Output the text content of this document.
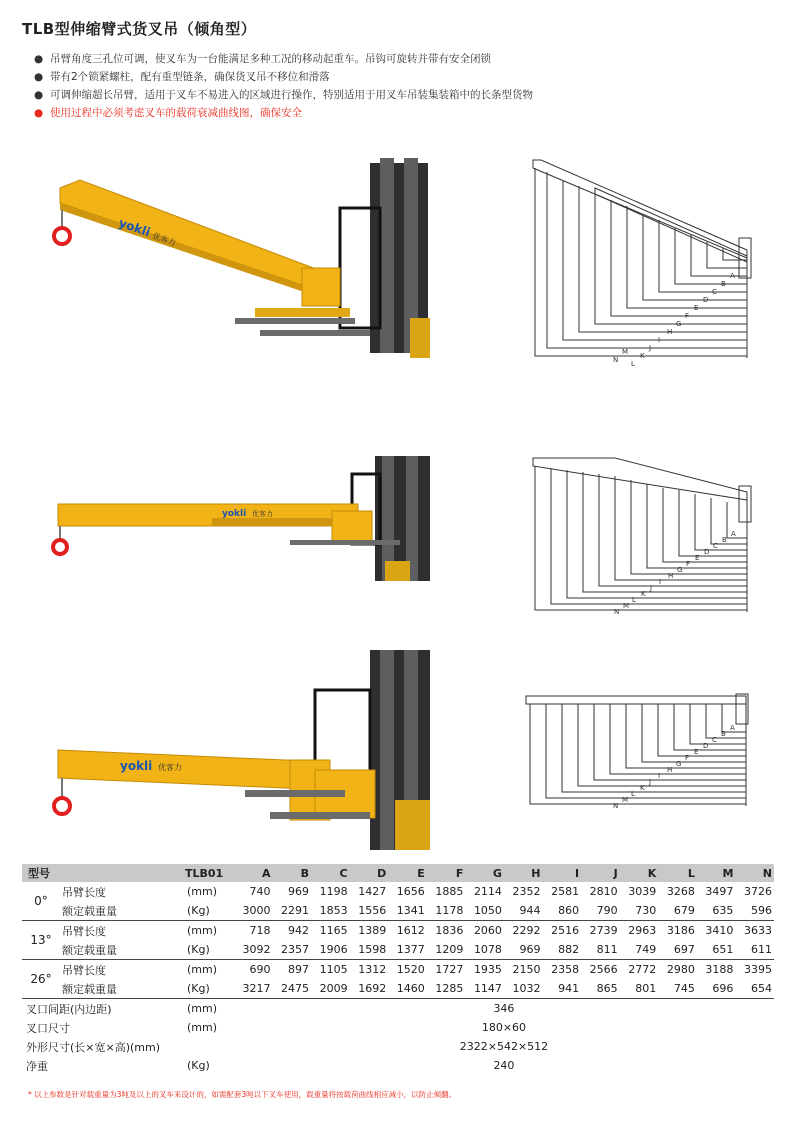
TLB型伸缩臂式货叉吊（倾角型）
● 吊臂角度三孔位可调，使叉车为一台能满足多种工况的移动起重车。吊钩可旋转并带有安全闭锁
● 带有2个锁紧螺柱，配有重型链条，确保货叉吊不移位和滑落
● 可调伸缩超长吊臂，适用于叉车不易进入的区域进行操作，特别适用于用叉车吊装集装箱中的长条型货物
● 使用过程中必须考虑叉车的载荷衰减曲线图，确保安全
yokli
优客力
yokli 优客力
yokli 优客力
A
B
C
D
E
F
G
H
I
J
K
L
M
N
A
B
C
D
E
F
G
H
I
J
K
L
M
N
A
B
C
D
E
F
G
H
I
J
K
L
M
N
型号		TLB01	A	B	C	D	E	F	G	H	I	J	K	L	M	N
0°	吊臂长度	(mm)	740	969	1198	1427	1656	1885	2114	2352	2581	2810	3039	3268	3497	3726
	额定载重量	(Kg)	3000	2291	1853	1556	1341	1178	1050	944	860	790	730	679	635	596
13°	吊臂长度	(mm)	718	942	1165	1389	1612	1836	2060	2292	2516	2739	2963	3186	3410	3633
	额定载重量	(Kg)	3092	2357	1906	1598	1377	1209	1078	969	882	811	749	697	651	611
26°	吊臂长度	(mm)	690	897	1105	1312	1520	1727	1935	2150	2358	2566	2772	2980	3188	3395
	额定载重量	(Kg)	3217	2475	2009	1692	1460	1285	1147	1032	941	865	801	745	696	654
叉口间距(内边距)		(mm)	346													
叉口尺寸		(mm)	180×60													
外形尺寸(长×宽×高)(mm)			2322×542×512													
净重		(Kg)	240													
* 以上参数是针对载重量为3吨及以上的叉车来设计的，如需配套3吨以下叉车使用，载重量将按载荷曲线相应减小，以防止倾翻。
